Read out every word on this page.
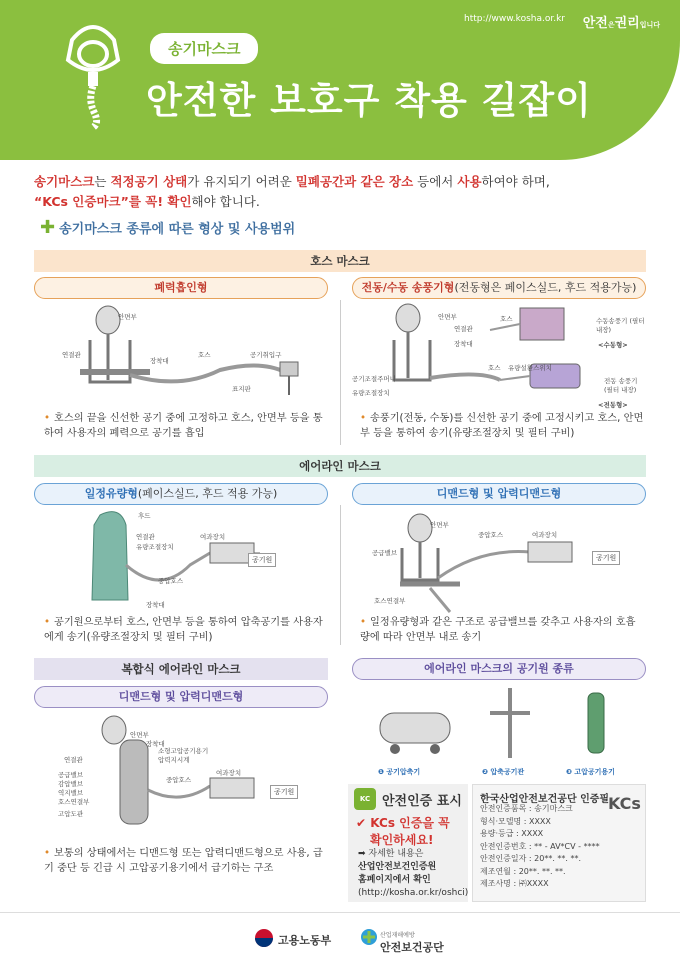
http://www.kosha.or.kr 안전은권리입니다
송기마스크
안전한 보호구 착용 길잡이
송기마스크는 적정공기 상태가 유지되기 어려운 밀폐공간과 같은 장소 등에서 사용하여야 하며,
“KCs 인증마크”를 꼭! 확인해야 합니다.
✚ 송기마스크 종류에 따른 형상 및 사용범위
호스 마스크
폐력흡인형	전동/수동 송풍기형(전동형은 페이스실드, 후드 적용가능)
안면부
연결관
장착대
호스	공기취입구
표지판
안면부
연결관
장착대
공기조절주머니
유량조절장치
호스
유량설환스위치
호스
수동송풍기 (필터 내장)
<수동형>
전동 송풍기 (필터 내장)
<전동형>
• 호스의 끝을 신선한 공기 중에 고정하고 호스, 안면부 등을 통하여 사용자의 폐력으로 공기를 흡입
• 송풍기(전동, 수동)를 신선한 공기 중에 고정시키고 호스, 안면부 등을 통하여 송기(유량조절장치 및 필터 구비)
에어라인 마스크
일정유량형(페이스실드, 후드 적용 가능)	디맨드형 및 압력디맨드형
후드
연결관
유량조절장치
여과장치
공기원
중압호스
장착대
안면부
중압호스	여과장치
공급밸브
공기원
호스연결부
• 공기원으로부터 호스, 안면부 등을 통하여 압축공기를 사용자에게 송기(유량조절장치 및 필터 구비)
• 일정유량형과 같은 구조로 공급밸브를 갖추고 사용자의 호흡량에 따라 안면부 내로 송기
복합식 에어라인 마스크
디맨드형 및 압력디맨드형
안면부
장착대
소형고압공기용기
압력지시계
연결관
공급밸브
감압밸브
역지밸브
호스연결부
고압도관
중압호스
여과장치
공기원
• 보통의 상태에서는 디맨드형 또는 압력디맨드형으로 사용, 급기 중단 등 긴급 시 고압공기용기에서 급기하는 구조
에어라인 마스크의 공기원 종류
❶ 공기압축기	❷ 압축공기관	❸ 고압공기용기
KC 안전인증 표시
✔ KCs 인증을 꼭
확인하세요!
➡ 자세한 내용은
산업안전보건인증원
홈페이지에서 확인
(http://kosha.or.kr/oshci)
한국산업안전보건공단 인증필
안전인증품목 : 송기마스크
형식·모델명 : XXXX
용량·등급 : XXXX
안전인증번호 : ** - AV*CV - ****
안전인증일자 : 20**. **. **.
제조연월 : 20**. **. **.
제조사명 : ㈜XXXX
KCs
고용노동부	산업재해예방
안전보건공단
